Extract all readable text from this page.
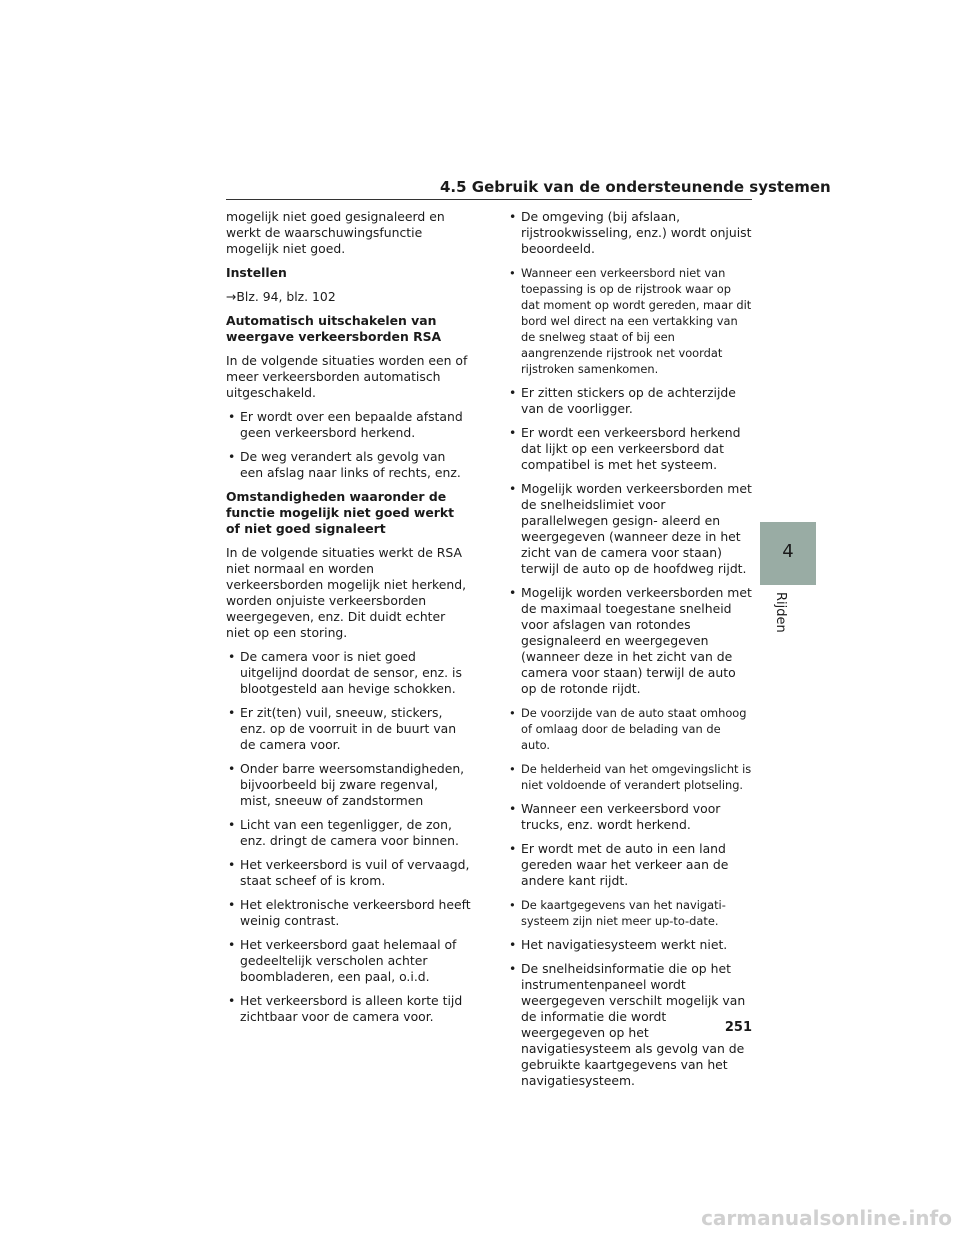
4.5 Gebruik van de ondersteunende systemen

mogelijk niet goed gesignaleerd en werkt de waarschuwingsfunctie mogelijk niet goed.

Instellen

→Blz. 94, blz. 102

Automatisch uitschakelen van weergave verkeersborden RSA

In de volgende situaties worden een of meer verkeersborden automatisch uitgeschakeld.

• Er wordt over een bepaalde afstand geen verkeersbord herkend.
• De weg verandert als gevolg van een afslag naar links of rechts, enz.
Omstandigheden waaronder de functie mogelijk niet goed werkt of niet goed signaleert

In de volgende situaties werkt de RSA niet normaal en worden verkeersborden mogelijk niet herkend, worden onjuiste verkeersborden weergegeven, enz. Dit duidt echter niet op een storing.

• De camera voor is niet goed uitgelijnd doordat de sensor, enz. is blootgesteld aan hevige schokken.
• Er zit(ten) vuil, sneeuw, stickers, enz. op de voorruit in de buurt van de camera voor.
• Onder barre weersomstandigheden, bijvoorbeeld bij zware regenval, mist, sneeuw of zandstormen
• Licht van een tegenligger, de zon, enz. dringt de camera voor binnen.
• Het verkeersbord is vuil of vervaagd, staat scheef of is krom.
• Het elektronische verkeersbord heeft weinig contrast.
• Het verkeersbord gaat helemaal of gedeeltelijk verscholen achter boombladeren, een paal, o.i.d.
• Het verkeersbord is alleen korte tijd zichtbaar voor de camera voor.
• De omgeving (bij afslaan, rijstrookwisseling, enz.) wordt onjuist beoordeeld.
• Wanneer een verkeersbord niet van toepassing is op de rijstrook waar op dat moment op wordt gereden, maar dit bord wel direct na een vertakking van de snelweg staat of bij een aangrenzende rijstrook net voordat rijstroken samenkomen.
• Er zitten stickers op de achterzijde van de voorligger.
• Er wordt een verkeersbord herkend dat lijkt op een verkeersbord dat compatibel is met het systeem.
• Mogelijk worden verkeersborden met de snelheidslimiet voor parallelwegen gesign- aleerd en weergegeven (wanneer deze in het zicht van de camera voor staan) terwijl de auto op de hoofdweg rijdt.
• Mogelijk worden verkeersborden met de maximaal toegestane snelheid voor afslagen van rotondes gesignaleerd en weergegeven (wanneer deze in het zicht van de camera voor staan) terwijl de auto op de rotonde rijdt.
• De voorzijde van de auto staat omhoog of omlaag door de belading van de auto.
• De helderheid van het omgevingslicht is niet voldoende of verandert plotseling.
• Wanneer een verkeersbord voor trucks, enz. wordt herkend.
• Er wordt met de auto in een land gereden waar het verkeer aan de andere kant rijdt.
• De kaartgegevens van het navigati- systeem zijn niet meer up-to-date.
• Het navigatiesysteem werkt niet.
• De snelheidsinformatie die op het instrumentenpaneel wordt weergegeven verschilt mogelijk van de informatie die wordt weergegeven op het navigatiesysteem als gevolg van de gebruikte kaartgegevens van het navigatiesysteem.
4
Rijden
251
carmanualsonline.info
